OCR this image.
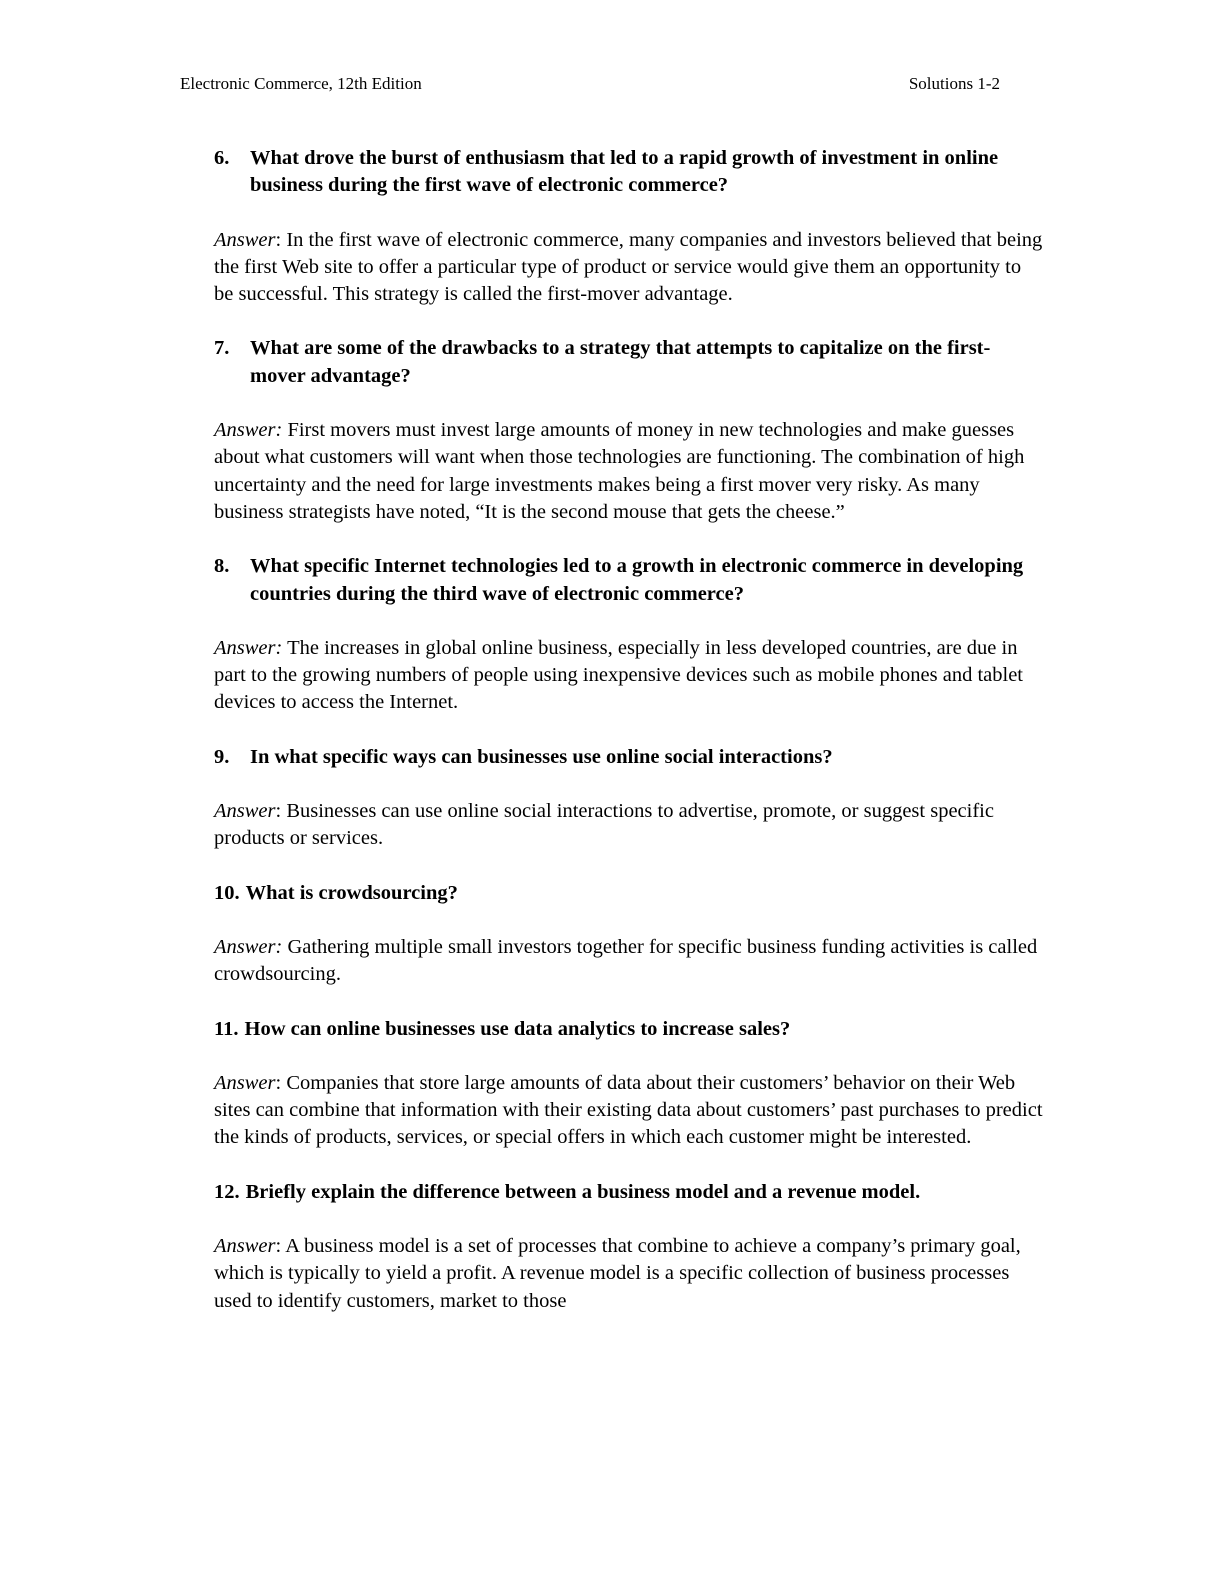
Electronic Commerce, 12th Edition	Solutions 1-2

6. What drove the burst of enthusiasm that led to a rapid growth of investment in online business during the first wave of electronic commerce?

Answer: In the first wave of electronic commerce, many companies and investors believed that being the first Web site to offer a particular type of product or service would give them an opportunity to be successful. This strategy is called the first-mover advantage.

7. What are some of the drawbacks to a strategy that attempts to capitalize on the first-mover advantage?

Answer: First movers must invest large amounts of money in new technologies and make guesses about what customers will want when those technologies are functioning. The combination of high uncertainty and the need for large investments makes being a first mover very risky. As many business strategists have noted, “It is the second mouse that gets the cheese.”

8. What specific Internet technologies led to a growth in electronic commerce in developing countries during the third wave of electronic commerce?

Answer: The increases in global online business, especially in less developed countries, are due in part to the growing numbers of people using inexpensive devices such as mobile phones and tablet devices to access the Internet.

9. In what specific ways can businesses use online social interactions?

Answer: Businesses can use online social interactions to advertise, promote, or suggest specific products or services.

10. What is crowdsourcing?

Answer: Gathering multiple small investors together for specific business funding activities is called crowdsourcing.

11. How can online businesses use data analytics to increase sales?

Answer: Companies that store large amounts of data about their customers’ behavior on their Web sites can combine that information with their existing data about customers’ past purchases to predict the kinds of products, services, or special offers in which each customer might be interested.

12. Briefly explain the difference between a business model and a revenue model.

Answer: A business model is a set of processes that combine to achieve a company’s primary goal, which is typically to yield a profit. A revenue model is a specific collection of business processes used to identify customers, market to those
